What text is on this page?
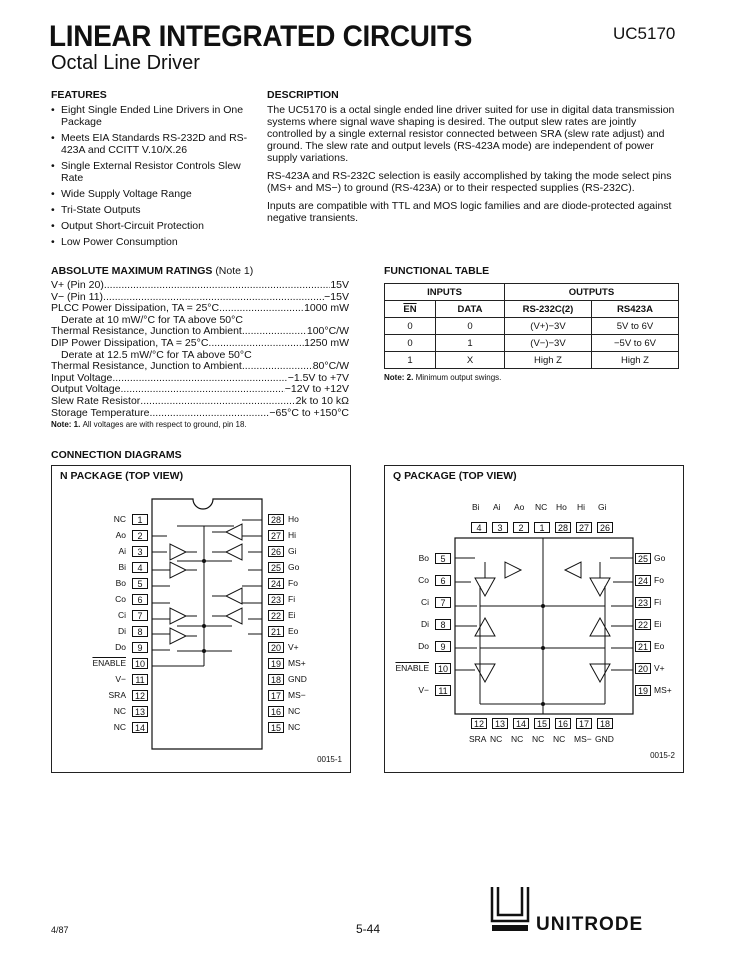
LINEAR INTEGRATED CIRCUITS
Octal Line Driver
UC5170
FEATURES
• Eight Single Ended Line Drivers in One Package
• Meets EIA Standards RS-232D and RS-423A and CCITT V.10/X.26
• Single External Resistor Controls Slew Rate
• Wide Supply Voltage Range
• Tri-State Outputs
• Output Short-Circuit Protection
• Low Power Consumption
DESCRIPTION

The UC5170 is a octal single ended line driver suited for use in digital data transmission systems where signal wave shaping is desired. The output slew rates are jointly controlled by a single external resistor connected between SRA (slew rate adjust) and ground. The slew rate and output levels (RS-423A mode) are independent of power supply variations.

RS-423A and RS-232C selection is easily accomplished by taking the mode select pins (MS+ and MS−) to ground (RS-423A) or to their respected supplies (RS-232C).

Inputs are compatible with TTL and MOS logic families and are diode-protected against negative transients.

ABSOLUTE MAXIMUM RATINGS (Note 1)
V+ (Pin 20) .....	15V
V− (Pin 11) .....	−15V
PLCC Power Dissipation, TA = 25°C .....	1000 mW
Derate at 10 mW/°C for TA above 50°C
Thermal Resistance, Junction to Ambient .....	100°C/W
DIP Power Dissipation, TA = 25°C .....	1250 mW
Derate at 12.5 mW/°C for TA above 50°C
Thermal Resistance, Junction to Ambient .....	80°C/W
Input Voltage .....	−1.5V to +7V
Output Voltage .....	−12V to +12V
Slew Rate Resistor .....	2k to 10 kΩ
Storage Temperature .....	−65°C to +150°C
Note: 1. All voltages are with respect to ground, pin 18.
FUNCTIONAL TABLE
INPUTS		OUTPUTS	
$\overline{EN}$	DATA	RS-232C(2)	RS423A
0	0	(V+)−3V	5V to 6V
0	1	(V−)−3V	−5V to 6V
1	X	High Z	High Z
Note: 2. Minimum output swings.
CONNECTION DIAGRAMS
N PACKAGE (TOP VIEW)
NC	1
Ao	2
Ai	3
Bi	4
Bo	5
Co	6
Ci	7
Di	8
Do	9
ENABLE 10
V−	11
SRA 12
NC 13
NC 14
28 Ho
27 Hi
26 Gi
25 Go
24 Fo
23 Fi
22 Ei
21 Eo
20 V+
19 MS+
18 GND
17 MS−
16 NC
15 NC
0015-1
Q PACKAGE (TOP VIEW)
Bi
4
Ai
3
Ao
2
NC
1
Ho
28
Hi
27
Gi
26
Bo	5
Co	6
Ci	7
Di	8
Do	9
ENABLE 10
V−	11
25 Go
24 Fo
23 Fi
22 Ei
21 Eo
20 V+
19 MS+
12
SRA
13
NC
14
NC
15
NC
16
NC
17
MS−
18
GND
0015-2
4/87	5-44	UNITRODE
